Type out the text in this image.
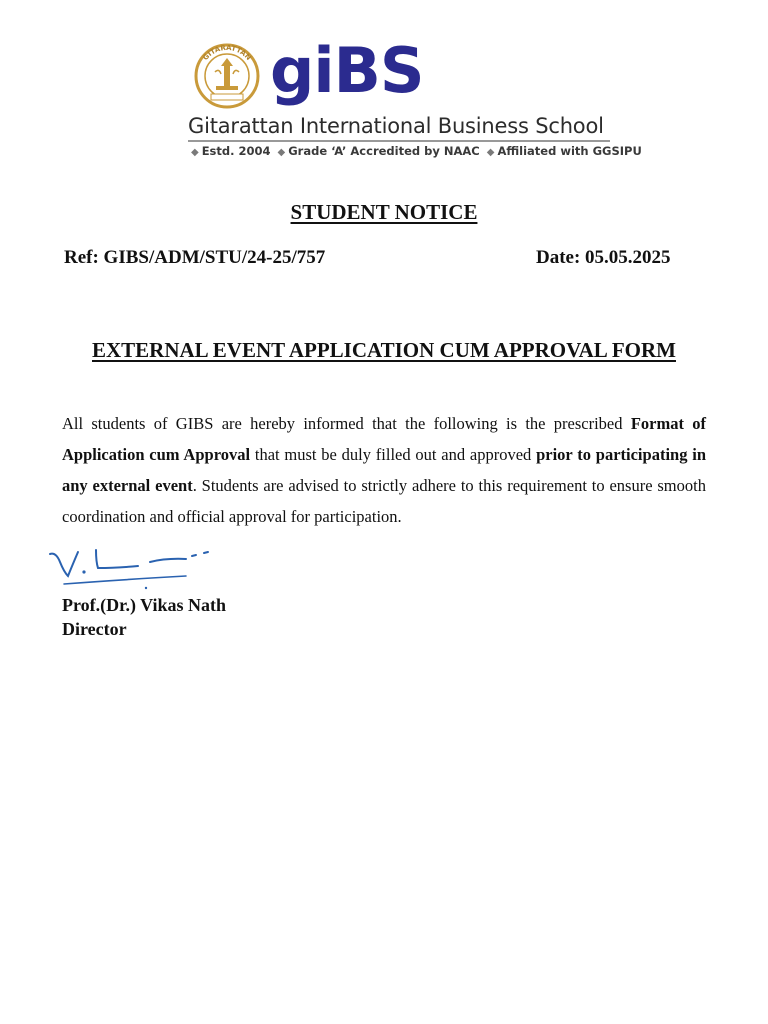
GITARATTAN giBS
Gitarattan International Business School
◆ Estd. 2004 ◆ Grade ‘A’ Accredited by NAAC ◆ Affiliated with GGSIPU
STUDENT NOTICE
Ref: GIBS/ADM/STU/24-25/757	Date: 05.05.2025
EXTERNAL EVENT APPLICATION CUM APPROVAL FORM
All students of GIBS are hereby informed that the following is the prescribed Format of Application cum Approval that must be duly filled out and approved prior to participating in any external event. Students are advised to strictly adhere to this requirement to ensure smooth coordination and official approval for participation.
Prof.(Dr.) Vikas Nath
Director
